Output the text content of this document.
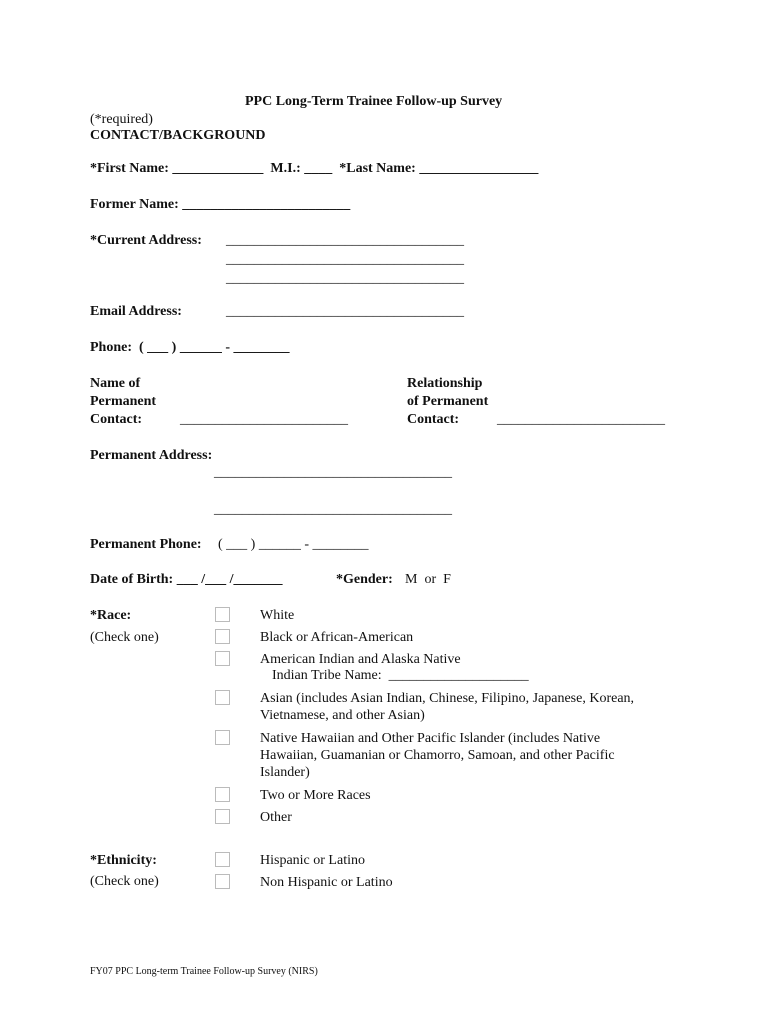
PPC Long-Term Trainee Follow-up Survey
(*required)
CONTACT/BACKGROUND
*First Name: _____________  M.I.: ____  *Last Name: _________________
Former Name: ________________________
*Current Address: __________________________________
__________________________________
__________________________________
Email Address:	__________________________________
Phone:  ( ___ ) ______ - ________
Name of
Permanent
Contact:	________________________
Relationship
of Permanent
Contact:	________________________
Permanent Address:
__________________________________
__________________________________
Permanent Phone: ( ___ ) ______ - ________
Date of Birth: ___ /___ /_______	*Gender: M  or  F
*Race:
(Check one)
White
Black or African-American
American Indian and Alaska Native
Indian Tribe Name:  ____________________
Asian (includes Asian Indian, Chinese, Filipino, Japanese, Korean, Vietnamese, and other Asian)
Native Hawaiian and Other Pacific Islander (includes Native Hawaiian, Guamanian or Chamorro, Samoan, and other Pacific Islander)
Two or More Races
Other
*Ethnicity:
(Check one)
Hispanic or Latino
Non Hispanic or Latino
FY07 PPC Long-term Trainee Follow-up Survey (NIRS)
